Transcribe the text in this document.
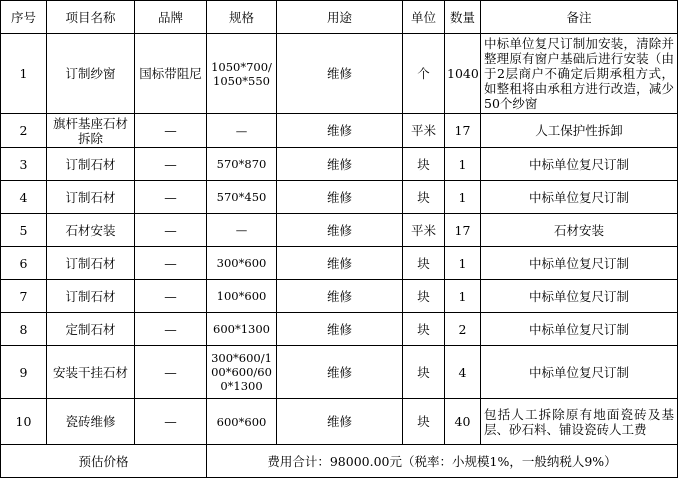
序号	项目名称	品牌	规格	用途	单位	数量	备注
1	订制纱窗	国标带阻尼	1050*700/1050*550	维修	个	1040	中标单位复尺订制加安装，清除并整理原有窗户基础后进行安装（由于2层商户不确定后期承租方式，如整租将由承租方进行改造，减少50个纱窗
2	旗杆基座石材拆除	—	—	维修	平米	17	人工保护性拆卸
3	订制石材	—	570*870	维修	块	1	中标单位复尺订制
4	订制石材	—	570*450	维修	块	1	中标单位复尺订制
5	石材安装	—	—	维修	平米	17	石材安装
6	订制石材	—	300*600	维修	块	1	中标单位复尺订制
7	订制石材	—	100*600	维修	块	1	中标单位复尺订制
8	定制石材	—	600*1300	维修	块	2	中标单位复尺订制
9	安装干挂石材	—	300*600/100*600/600*1300	维修	块	4	中标单位复尺订制
10	瓷砖维修	—	600*600	维修	块	40	包括人工拆除原有地面瓷砖及基层、砂石料、铺设瓷砖人工费
预估价格			费用合计：98000.00元（税率：小规模1%，一般纳税人9%）				
